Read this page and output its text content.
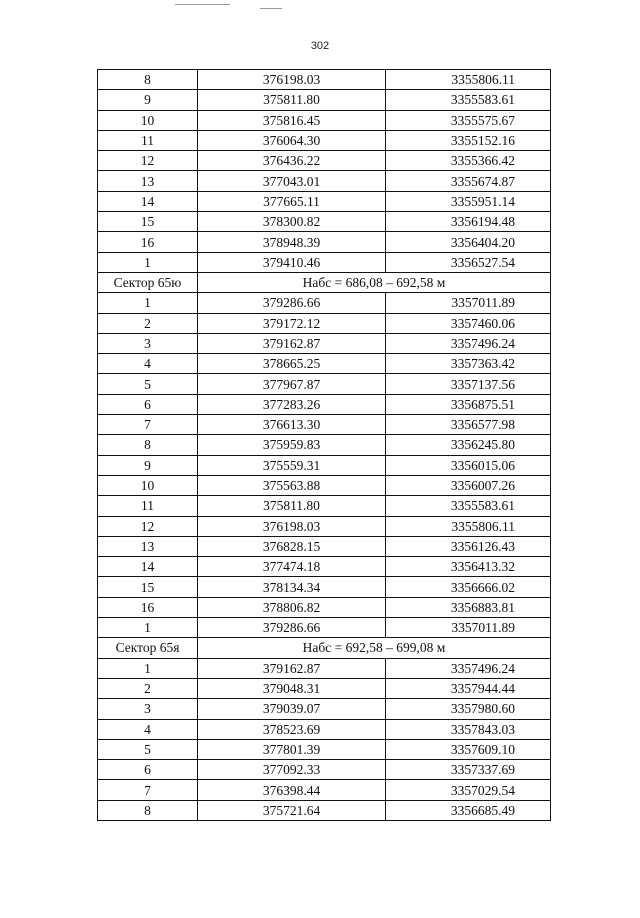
302
8	376198.03	3355806.11
9	375811.80	3355583.61
10	375816.45	3355575.67
11	376064.30	3355152.16
12	376436.22	3355366.42
13	377043.01	3355674.87
14	377665.11	3355951.14
15	378300.82	3356194.48
16	378948.39	3356404.20
1	379410.46	3356527.54
Сектор 65ю	Набс = 686,08 – 692,58 м	
1	379286.66	3357011.89
2	379172.12	3357460.06
3	379162.87	3357496.24
4	378665.25	3357363.42
5	377967.87	3357137.56
6	377283.26	3356875.51
7	376613.30	3356577.98
8	375959.83	3356245.80
9	375559.31	3356015.06
10	375563.88	3356007.26
11	375811.80	3355583.61
12	376198.03	3355806.11
13	376828.15	3356126.43
14	377474.18	3356413.32
15	378134.34	3356666.02
16	378806.82	3356883.81
1	379286.66	3357011.89
Сектор 65я	Набс = 692,58 – 699,08 м	
1	379162.87	3357496.24
2	379048.31	3357944.44
3	379039.07	3357980.60
4	378523.69	3357843.03
5	377801.39	3357609.10
6	377092.33	3357337.69
7	376398.44	3357029.54
8	375721.64	3356685.49
